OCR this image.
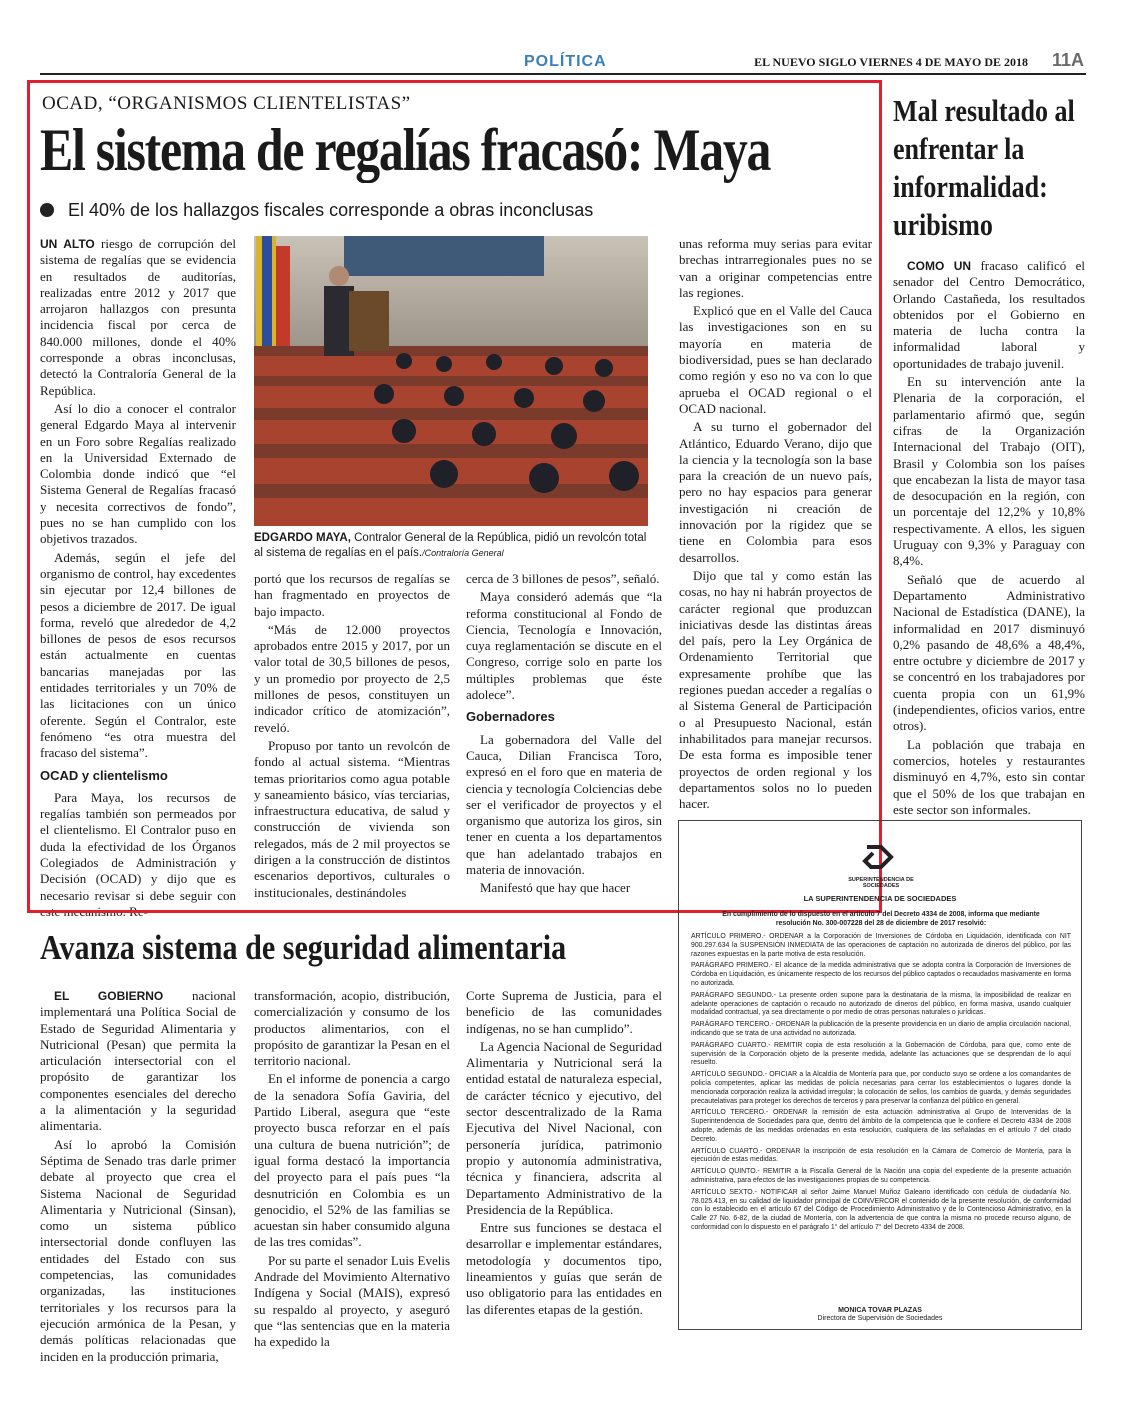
POLÍTICA	EL NUEVO SIGLO VIERNES 4 DE MAYO DE 2018 11A
OCAD, “ORGANISMOS CLIENTELISTAS”
El sistema de regalías fracasó: Maya
El 40% de los hallazgos fiscales corresponde a obras inconclusas

UN ALTO riesgo de corrupción del sistema de regalías que se evidencia en resultados de auditorías, realizadas entre 2012 y 2017 que arrojaron hallazgos con presunta incidencia fiscal por cerca de 840.000 millones, donde el 40% corresponde a obras inconclusas, detectó la Contraloría General de la República.

Así lo dio a conocer el contralor general Edgardo Maya al intervenir en un Foro sobre Regalías realizado en la Universidad Externado de Colombia donde indicó que “el Sistema General de Regalías fracasó y necesita correctivos de fondo”, pues no se han cumplido con los objetivos trazados.

Además, según el jefe del organismo de control, hay excedentes sin ejecutar por 12,4 billones de pesos a diciembre de 2017. De igual forma, reveló que alrededor de 4,2 billones de pesos de esos recursos están actualmente en cuentas bancarias manejadas por las entidades territoriales y un 70% de las licitaciones con un único oferente. Según el Contralor, este fenómeno “es otra muestra del fracaso del sistema”.

OCAD y clientelismo

Para Maya, los recursos de regalías también son permeados por el clientelismo. El Contralor puso en duda la efectividad de los Órganos Colegiados de Administración y Decisión (OCAD) y dijo que es necesario revisar si debe seguir con este mecanismo. Re-

EDGARDO MAYA, Contralor General de la República, pidió un revolcón total al sistema de regalías en el país./Contraloría General

portó que los recursos de regalías se han fragmentado en proyectos de bajo impacto.

“Más de 12.000 proyectos aprobados entre 2015 y 2017, por un valor total de 30,5 billones de pesos, y un promedio por proyecto de 2,5 millones de pesos, constituyen un indicador crítico de atomización”, reveló.

Propuso por tanto un revolcón de fondo al actual sistema. “Mientras temas prioritarios como agua potable y saneamiento básico, vías terciarias, infraestructura educativa, de salud y construcción de vivienda son relegados, más de 2 mil proyectos se dirigen a la construcción de distintos escenarios deportivos, culturales o institucionales, destinándoles

cerca de 3 billones de pesos”, señaló.

Maya consideró además que “la reforma constitucional al Fondo de Ciencia, Tecnología e Innovación, cuya reglamentación se discute en el Congreso, corrige solo en parte los múltiples problemas que éste adolece”.

Gobernadores

La gobernadora del Valle del Cauca, Dilian Francisca Toro, expresó en el foro que en materia de ciencia y tecnología Colciencias debe ser el verificador de proyectos y el organismo que autoriza los giros, sin tener en cuenta a los departamentos que han adelantado trabajos en materia de innovación.

Manifestó que hay que hacer

unas reforma muy serias para evitar brechas intrarregionales pues no se van a originar competencias entre las regiones.

Explicó que en el Valle del Cauca las investigaciones son en su mayoría en materia de biodiversidad, pues se han declarado como región y eso no va con lo que aprueba el OCAD regional o el OCAD nacional.

A su turno el gobernador del Atlántico, Eduardo Verano, dijo que la ciencia y la tecnología son la base para la creación de un nuevo país, pero no hay espacios para generar investigación ni creación de innovación por la rigidez que se tiene en Colombia para esos desarrollos.

Dijo que tal y como están las cosas, no hay ni habrán proyectos de carácter regional que produzcan iniciativas desde las distintas áreas del país, pero la Ley Orgánica de Ordenamiento Territorial que expresamente prohíbe que las regiones puedan acceder a regalías o al Sistema General de Participación o al Presupuesto Nacional, están inhabilitados para manejar recursos. De esta forma es imposible tener proyectos de orden regional y los departamentos solos no lo pueden hacer.

Mal resultado al enfrentar la informalidad: uribismo

COMO UN fracaso calificó el senador del Centro Democrático, Orlando Castañeda, los resultados obtenidos por el Gobierno en materia de lucha contra la informalidad laboral y oportunidades de trabajo juvenil.

En su intervención ante la Plenaria de la corporación, el parlamentario afirmó que, según cifras de la Organización Internacional del Trabajo (OIT), Brasil y Colombia son los países que encabezan la lista de mayor tasa de desocupación en la región, con un porcentaje del 12,2% y 10,8% respectivamente. A ellos, les siguen Uruguay con 9,3% y Paraguay con 8,4%.

Señaló que de acuerdo al Departamento Administrativo Nacional de Estadística (DANE), la informalidad en 2017 disminuyó 0,2% pasando de 48,6% a 48,4%, entre octubre y diciembre de 2017 y se concentró en los trabajadores por cuenta propia con un 61,9% (independientes, oficios varios, entre otros).

La población que trabaja en comercios, hoteles y restaurantes disminuyó en 4,7%, esto sin contar que el 50% de los que trabajan en este sector son informales.

Avanza sistema de seguridad alimentaria

EL GOBIERNO nacional implementará una Política Social de Estado de Seguridad Alimentaria y Nutricional (Pesan) que permita la articulación intersectorial con el propósito de garantizar los componentes esenciales del derecho a la alimentación y la seguridad alimentaria.

Así lo aprobó la Comisión Séptima de Senado tras darle primer debate al proyecto que crea el Sistema Nacional de Seguridad Alimentaria y Nutricional (Sinsan), como un sistema público intersectorial donde confluyen las entidades del Estado con sus competencias, las comunidades organizadas, las instituciones territoriales y los recursos para la ejecución armónica de la Pesan, y demás políticas relacionadas que inciden en la producción primaria,

transformación, acopio, distribución, comercialización y consumo de los productos alimentarios, con el propósito de garantizar la Pesan en el territorio nacional.

En el informe de ponencia a cargo de la senadora Sofía Gaviria, del Partido Liberal, asegura que “este proyecto busca reforzar en el país una cultura de buena nutrición”; de igual forma destacó la importancia del proyecto para el país pues “la desnutrición en Colombia es un genocidio, el 52% de las familias se acuestan sin haber consumido alguna de las tres comidas”.

Por su parte el senador Luis Evelis Andrade del Movimiento Alternativo Indígena y Social (MAIS), expresó su respaldo al proyecto, y aseguró que “las sentencias que en la materia ha expedido la

Corte Suprema de Justicia, para el beneficio de las comunidades indígenas, no se han cumplido”.

La Agencia Nacional de Seguridad Alimentaria y Nutricional será la entidad estatal de naturaleza especial, de carácter técnico y ejecutivo, del sector descentralizado de la Rama Ejecutiva del Nivel Nacional, con personería jurídica, patrimonio propio y autonomía administrativa, técnica y financiera, adscrita al Departamento Administrativo de la Presidencia de la República.

Entre sus funciones se destaca el desarrollar e implementar estándares, metodología y documentos tipo, lineamientos y guías que serán de uso obligatorio para las entidades en las diferentes etapas de la gestión.

SUPERINTENDENCIA DE SOCIEDADES
LA SUPERINTENDENCIA DE SOCIEDADES
En cumplimiento de lo dispuesto en el artículo 7 del Decreto 4334 de 2008, informa que mediante resolución No. 300-007228 del 28 de diciembre de 2017 resolvió:

ARTÍCULO PRIMERO.- ORDENAR a la Corporación de Inversiones de Córdoba en Liquidación, identificada con NIT 900.297.634 la SUSPENSIÓN INMEDIATA de las operaciones de captación no autorizada de dineros del público, por las razones expuestas en la parte motiva de esta resolución.

PARÁGRAFO PRIMERO.- El alcance de la medida administrativa que se adopta contra la Corporación de Inversiones de Córdoba en Liquidación, es únicamente respecto de los recursos del público captados o recaudados masivamente en forma no autorizada.

PARÁGRAFO SEGUNDO.- La presente orden supone para la destinataria de la misma, la imposibilidad de realizar en adelante operaciones de captación o recaudo no autorizado de dineros del público, en forma masiva, usando cualquier modalidad contractual, ya sea directamente o por medio de otras personas naturales o jurídicas.

PARÁGRAFO TERCERO.- ORDENAR la publicación de la presente providencia en un diario de amplia circulación nacional, indicando que se trata de una actividad no autorizada.

PARÁGRAFO CUARTO.- REMITIR copia de esta resolución a la Gobernación de Córdoba, para que, como ente de supervisión de la Corporación objeto de la presente medida, adelante las actuaciones que se desprendan de lo aquí resuelto.

ARTÍCULO SEGUNDO.- OFICIAR a la Alcaldía de Montería para que, por conducto suyo se ordene a los comandantes de policía competentes, aplicar las medidas de policía necesarias para cerrar los establecimientos o lugares donde la mencionada corporación realiza la actividad irregular; la colocación de sellos, los cambios de guarda, y demás seguridades precautelativas para proteger los derechos de terceros y para preservar la confianza del público en general.

ARTÍCULO TERCERO.- ORDENAR la remisión de esta actuación administrativa al Grupo de Intervenidas de la Superintendencia de Sociedades para que, dentro del ámbito de la competencia que le confiere el Decreto 4334 de 2008 adopte, además de las medidas ordenadas en esta resolución, cualquiera de las señaladas en el artículo 7 del citado Decreto.

ARTÍCULO CUARTO.- ORDENAR la inscripción de esta resolución en la Cámara de Comercio de Montería, para la ejecución de estas medidas.

ARTÍCULO QUINTO.- REMITIR a la Fiscalía General de la Nación una copia del expediente de la presente actuación administrativa, para efectos de las investigaciones propias de su competencia.

ARTÍCULO SEXTO.- NOTIFICAR al señor Jaime Manuel Muñoz Galeano identificado con cédula de ciudadanía No. 78.025.413, en su calidad de liquidador principal de COINVERCOR el contenido de la presente resolución, de conformidad con lo establecido en el artículo 67 del Código de Procedimiento Administrativo y de lo Contencioso Administrativo, en la Calle 27 No. 6-82, de la ciudad de Montería, con la advertencia de que contra la misma no procede recurso alguno, de conformidad con lo dispuesto en el parágrafo 1° del artículo 7° del Decreto 4334 de 2008.

MONICA TOVAR PLAZAS
Directora de Supervisión de Sociedades
